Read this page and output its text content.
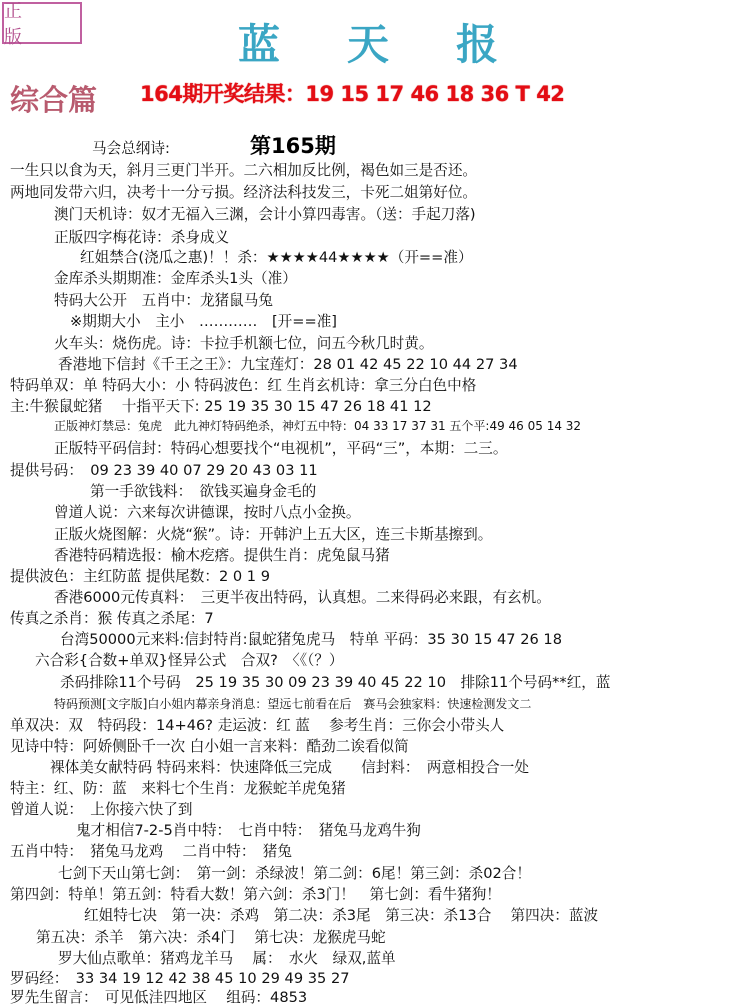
正 版	蓝 天 报
综合篇 164期开奖结果：19 15 17 46 18 36 T 42
第165期
马会总纲诗:
一生只以食为天，斜月三更门半开。二六相加反比例，褐色如三是否还。
两地同发带六归，决考十一分亏损。经济法科技发三，卡死二姐第好位。
澳门天机诗：奴才无福入三渊，会计小算四毒害。（送：手起刀落)
正版四字梅花诗：杀身成义
红姐禁合(浇瓜之惠)！！杀：★★★★44★★★★（开==准）
金库杀头期期准：金库杀头1头（准）
特码大公开　五肖中：龙猪鼠马兔
※期期大小　主小　…………　[开==准]
火车头：烧伤虎。诗：卡拉手机额七位，问五今秋几时黄。
香港地下信封《千王之王》：九宝莲灯：28 01 42 45 22 10 44 27 34
特码单双：单 特码大小：小 特码波色：红 生肖玄机诗：拿三分白色中格
主:牛猴鼠蛇猪　 十指平天下: 25 19 35 30 15 47 26 18 41 12
正版神灯禁忌：兔虎　此九神灯特码绝杀，神灯五中特：04 33 17 37 31 五个平:49 46 05 14 32
正版特平码信封：特码心想要找个“电视机”，平码“三”，本期：二三。
提供号码：　09 23 39 40 07 29 20 43 03 11
第一手欲钱料：　欲钱买遍身金毛的
曾道人说：六来每次讲德课，按时八点小金换。
正版火烧图解：火烧“猴”。诗：开韩沪上五大区，连三卡斯基擦到。
香港特码精选报：榆木疙瘩。提供生肖：虎兔鼠马猪
提供波色：主红防蓝 提供尾数：2 0 1 9
香港6000元传真料：　三更半夜出特码，认真想。二来得码必来跟，有玄机。
传真之杀肖：猴 传真之杀尾：7
台湾50000元来料:信封特肖:鼠蛇猪兔虎马　特单 平码：35 30 15 47 26 18
六合彩{合数+单双}怪异公式　合双?　〈《（？）
杀码排除11个号码　25 19 35 30 09 23 39 40 45 22 10　排除11个号码**红，蓝
特码预测[文字版]白小姐内幕亲身消息：望远七前看在后　赛马会独家料：快速检测发文二
单双决：双　特码段：14+46? 走运波：红 蓝　 参考生肖：三你会小带头人
见诗中特：阿娇侧卧千一次 白小姐一言来料：酷劲二诶看似简
裸体美女献特码 特码来料：快速降低三完成　　信封料：　两意相投合一处
特主：红、防：蓝　来料七个生肖：龙猴蛇羊虎兔猪
曾道人说：　上你接六快了到
鬼才相信7-2-5肖中特：　七肖中特：　猪兔马龙鸡牛狗
五肖中特：　猪兔马龙鸡　 二肖中特：　猪兔
七剑下天山第七剑：　第一剑：杀绿波！第二剑：6尾！第三剑：杀02合！
第四剑：特单！第五剑：特看大数！第六剑：杀3门！　第七剑：看牛猪狗！
红姐特七决　第一决：杀鸡　第二决：杀3尾　第三决：杀13合　 第四决：蓝波
第五决：杀羊　第六决：杀4门　 第七决：龙猴虎马蛇
罗大仙点歌单：猪鸡龙羊马　 属：　水火　绿双,蓝单
罗码经：　33 34 19 12 42 38 45 10 29 49 35 27
罗先生留言：　可见低洼四地区　 组码：4853
